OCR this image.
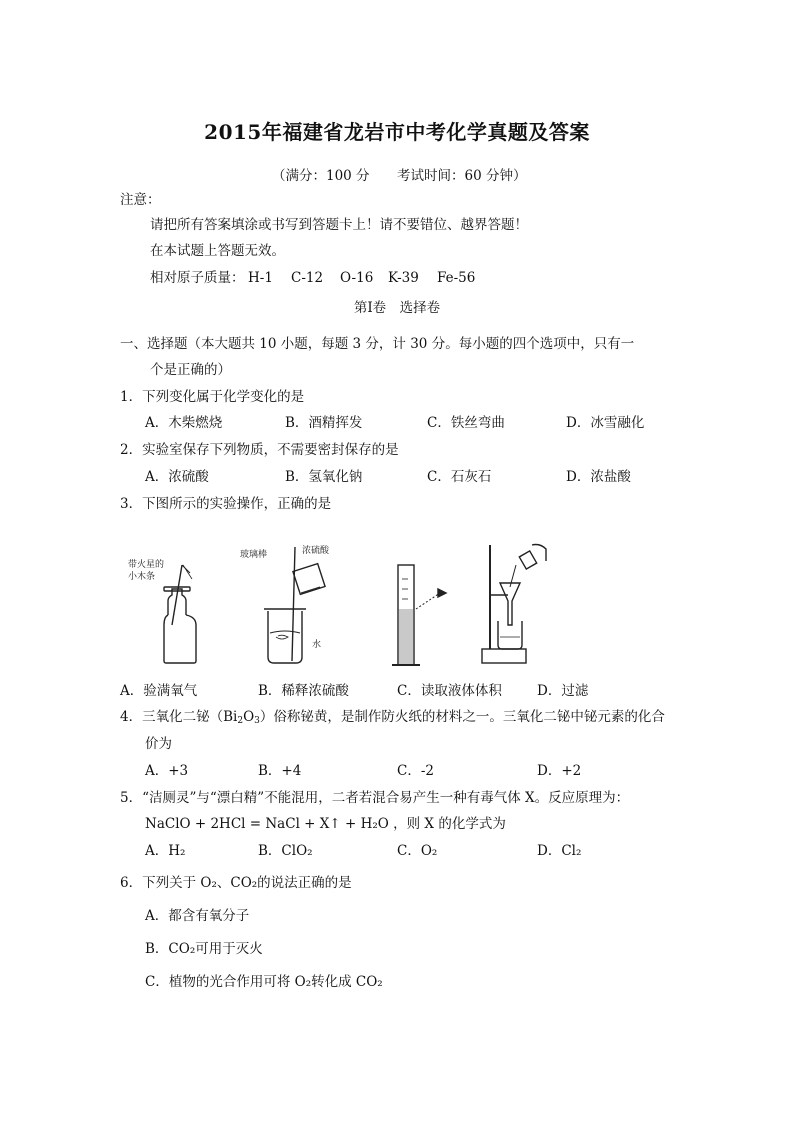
2015年福建省龙岩市中考化学真题及答案
（满分：100 分 考试时间：60 分钟）
注意：
请把所有答案填涂或书写到答题卡上！请不要错位、越界答题！
在本试题上答题无效。
相对原子质量： H-1 C-12 O-16 K-39 Fe-56
第Ⅰ卷　选择卷
一、选择题（本大题共 10 小题，每题 3 分，计 30 分。每小题的四个选项中，只有一
个是正确的）
1．下列变化属于化学变化的是
A．木柴燃烧	B．酒精挥发	C．铁丝弯曲	D．冰雪融化
2．实验室保存下列物质，不需要密封保存的是
A．浓硫酸	B．氢氧化钠	C．石灰石	D．浓盐酸
3．下图所示的实验操作，正确的是
带火星的
小木条
玻璃棒	浓硫酸
水
A．验满氧气	B．稀释浓硫酸	C．读取液体体积	D．过滤
4．三氧化二铋$(Bi_2O_3)$俗称铋黄，是制作防火纸的材料之一。三氧化二铋中铋元素的化合
价为
A．+3	B．+4	C．-2	D．+2
5．“洁厕灵”与“漂白精”不能混用，二者若混合易产生一种有毒气体 X。反应原理为：
NaClO + 2HCl = NaCl + X↑ + H₂O ，则 X 的化学式为
A．H₂	B．ClO₂	C．O₂	D．Cl₂
6．下列关于 O₂、CO₂的说法正确的是
A．都含有氧分子
B．CO₂可用于灭火
C．植物的光合作用可将 O₂转化成 CO₂
